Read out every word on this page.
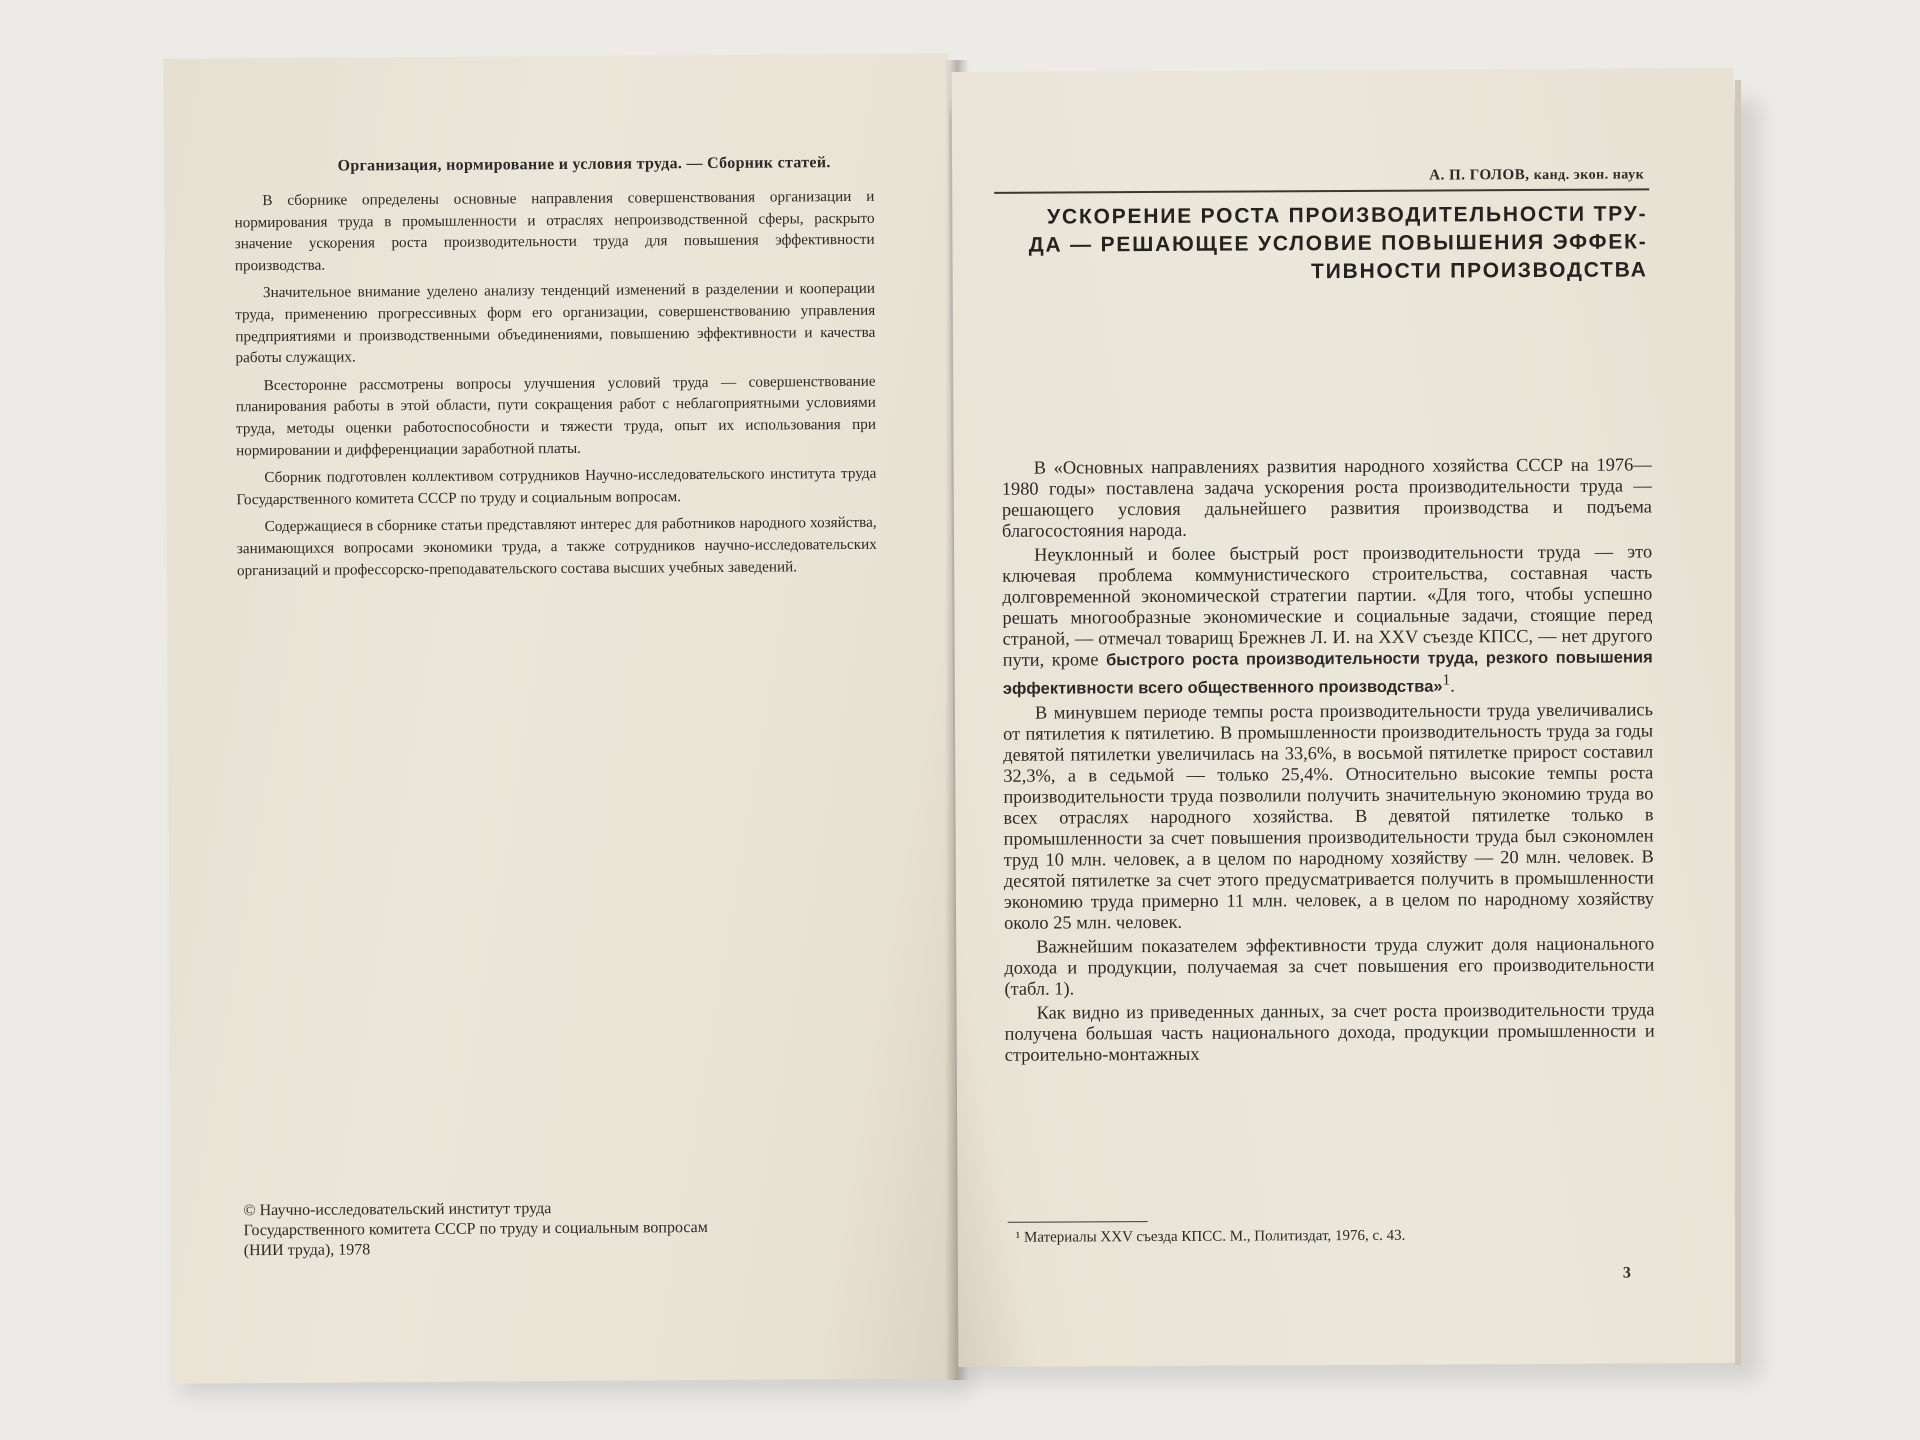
Организация, нормирование и условия труда. — Сборник статей.

В сборнике определены основные направления совершенствования организации и нормирования труда в промышленности и отраслях непроизводственной сферы, раскрыто значение ускорения роста производительности труда для повышения эффективности производства.

Значительное внимание уделено анализу тенденций изменений в разделении и кооперации труда, применению прогрессивных форм его организации, совершенствованию управления предприятиями и производственными объединениями, повышению эффективности и качества работы служащих.

Всесторонне рассмотрены вопросы улучшения условий труда — совершенствование планирования работы в этой области, пути сокращения работ с неблагоприятными условиями труда, методы оценки работоспособности и тяжести труда, опыт их использования при нормировании и дифференциации заработной платы.

Сборник подготовлен коллективом сотрудников Научно-исследовательского института труда Государственного комитета СССР по труду и социальным вопросам.

Содержащиеся в сборнике статьи представляют интерес для работников народного хозяйства, занимающихся вопросами экономики труда, а также сотрудников научно-исследовательских организаций и профессорско-преподавательского состава высших учебных заведений.

© Научно-исследовательский институт труда
Государственного комитета СССР по труду и социальным вопросам
(НИИ труда), 1978
А. П. ГОЛОВ, канд. экон. наук
УСКОРЕНИЕ РОСТА ПРОИЗВОДИТЕЛЬНОСТИ ТРУ-
ДА — РЕШАЮЩЕЕ УСЛОВИЕ ПОВЫШЕНИЯ ЭФФЕК-
ТИВНОСТИ ПРОИЗВОДСТВА

В «Основных направлениях развития народного хозяйства СССР на 1976—1980 годы» поставлена задача ускорения роста производительности труда — решающего условия дальнейшего развития производства и подъема благосостояния народа.

Неуклонный и более быстрый рост производительности труда — это ключевая проблема коммунистического строительства, составная часть долговременной экономической стратегии партии. «Для того, чтобы успешно решать многообразные экономические и социальные задачи, стоящие перед страной, — отмечал товарищ Брежнев Л. И. на XXV съезде КПСС, — нет другого пути, кроме быстрого роста производительности труда, резкого повышения эффективности всего общественного производства»$^1$.

В минувшем периоде темпы роста производительности труда увеличивались от пятилетия к пятилетию. В промышленности производительность труда за годы девятой пятилетки увеличилась на 33,6%, в восьмой пятилетке прирост составил 32,3%, а в седьмой — только 25,4%. Относительно высокие темпы роста производительности труда позволили получить значительную экономию труда во всех отраслях народного хозяйства. В девятой пятилетке только в промышленности за счет повышения производительности труда был сэкономлен труд 10 млн. человек, а в целом по народному хозяйству — 20 млн. человек. В десятой пятилетке за счет этого предусматривается получить в промышленности экономию труда примерно 11 млн. человек, а в целом по народному хозяйству около 25 млн. человек.

Важнейшим показателем эффективности труда служит доля национального дохода и продукции, получаемая за счет повышения его производительности (табл. 1).

Как видно из приведенных данных, за счет роста производительности труда получена большая часть национального дохода, продукции промышленности и строительно-монтажных

¹ Материалы XXV съезда КПСС. М., Политиздат, 1976, с. 43.
3
